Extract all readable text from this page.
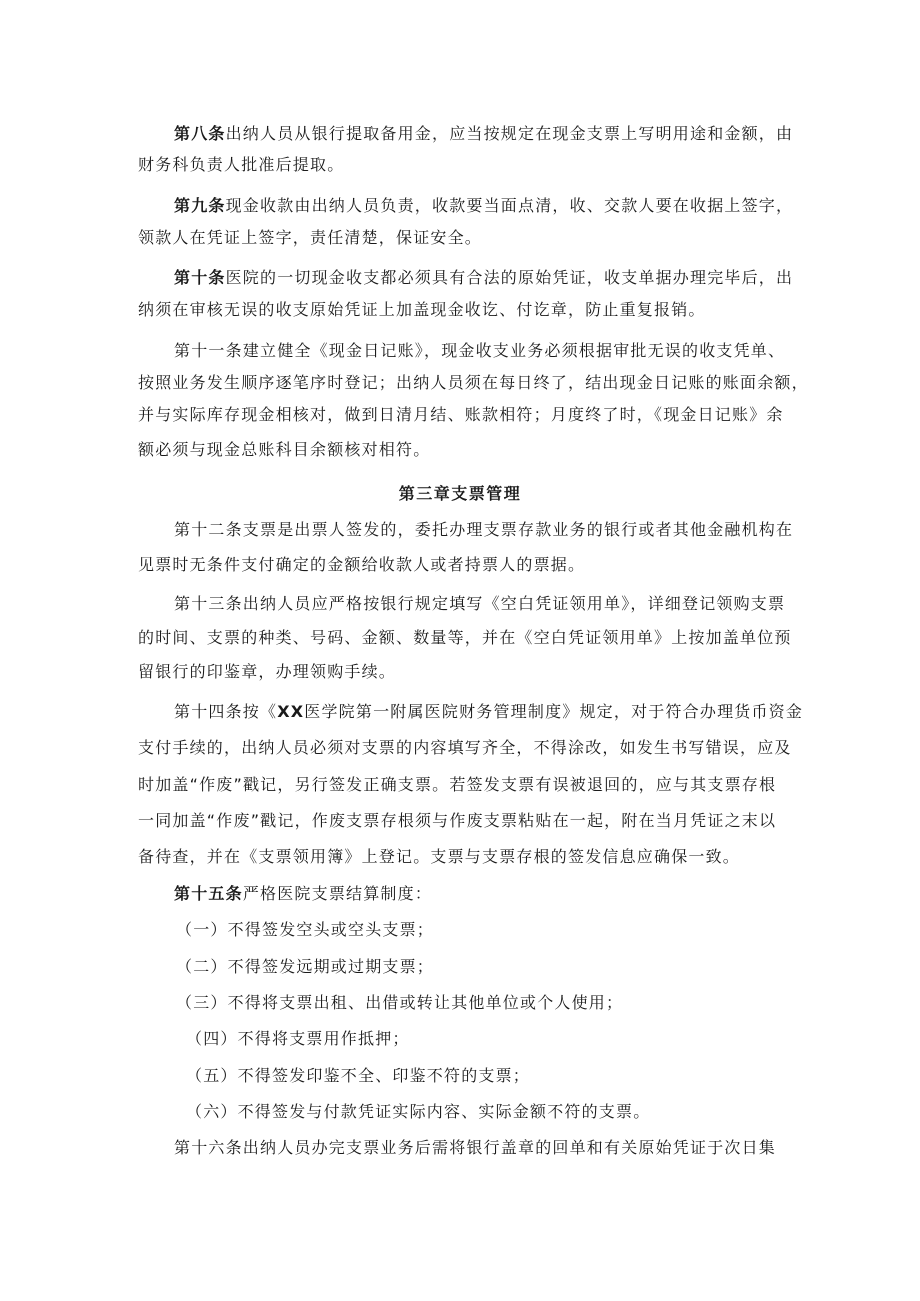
第八条出纳人员从银行提取备用金，应当按规定在现金支票上写明用途和金额，由
财务科负责人批准后提取。
第九条现金收款由出纳人员负责，收款要当面点清，收、交款人要在收据上签字，
领款人在凭证上签字，责任清楚，保证安全。
第十条医院的一切现金收支都必须具有合法的原始凭证，收支单据办理完毕后，出
纳须在审核无误的收支原始凭证上加盖现金收讫、付讫章，防止重复报销。
第十一条建立健全《现金日记账》，现金收支业务必须根据审批无误的收支凭单、
按照业务发生顺序逐笔序时登记；出纳人员须在每日终了，结出现金日记账的账面余额，
并与实际库存现金相核对，做到日清月结、账款相符；月度终了时，《现金日记账》余
额必须与现金总账科目余额核对相符。
第三章支票管理
第十二条支票是出票人签发的，委托办理支票存款业务的银行或者其他金融机构在
见票时无条件支付确定的金额给收款人或者持票人的票据。
第十三条出纳人员应严格按银行规定填写《空白凭证领用单》，详细登记领购支票
的时间、支票的种类、号码、金额、数量等，并在《空白凭证领用单》上按加盖单位预
留银行的印鉴章，办理领购手续。
第十四条按《XX医学院第一附属医院财务管理制度》规定，对于符合办理货币资金
支付手续的，出纳人员必须对支票的内容填写齐全，不得涂改，如发生书写错误，应及
时加盖“作废”戳记，另行签发正确支票。若签发支票有误被退回的，应与其支票存根
一同加盖“作废”戳记，作废支票存根须与作废支票粘贴在一起，附在当月凭证之末以
备待查，并在《支票领用簿》上登记。支票与支票存根的签发信息应确保一致。
第十五条严格医院支票结算制度：
（一）不得签发空头或空头支票；
（二）不得签发远期或过期支票；
（三）不得将支票出租、出借或转让其他单位或个人使用；
（四）不得将支票用作抵押；
（五）不得签发印鉴不全、印鉴不符的支票；
（六）不得签发与付款凭证实际内容、实际金额不符的支票。
第十六条出纳人员办完支票业务后需将银行盖章的回单和有关原始凭证于次日集
